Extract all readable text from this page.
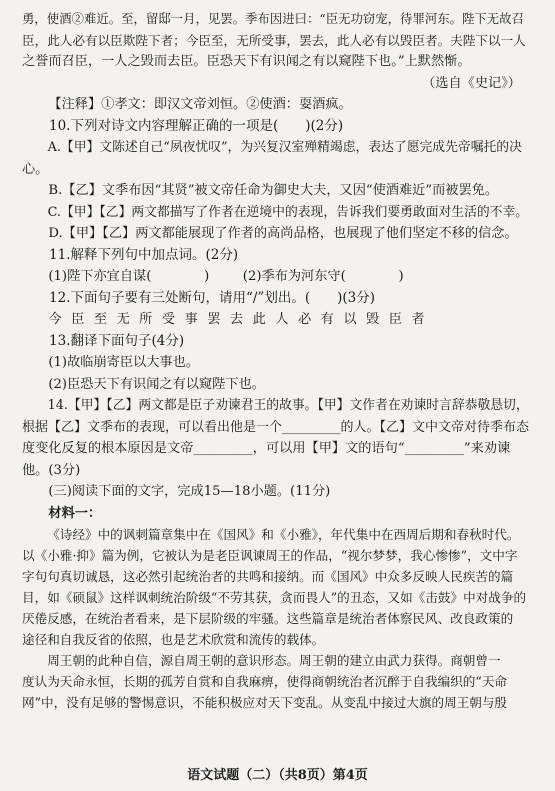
勇，使酒②难近。至，留邸一月，见罢。季布因进曰：“臣无功窃宠，待罪河东。陛下无故召

臣，此人必有以臣欺陛下者；今臣至，无所受事，罢去，此人必有以毁臣者。夫陛下以一人

之誉而召臣，一人之毁而去臣。臣恐天下有识闻之有以窥陛下也。”上默然惭。

（选自《史记》）

【注释】①孝文：即汉文帝刘恒。②使酒：耍酒疯。

10.下列对诗文内容理解正确的一项是(　　)(2分)

A.【甲】文陈述自己“夙夜忧叹”，为兴复汉室殚精竭虑，表达了愿完成先帝嘱托的决

心。

B.【乙】文季布因“其贤”被文帝任命为御史大夫，又因“使酒难近”而被罢免。

C.【甲】【乙】两文都描写了作者在逆境中的表现，告诉我们要勇敢面对生活的不幸。

D.【甲】【乙】两文都能展现了作者的高尚品格，也展现了他们坚定不移的信念。

11.解释下列句中加点词。(2分)

(1)陛下亦宜自谋(　　　　)	(2)季布为河东守(　　　　)

12.下面句子要有三处断句，请用“/”划出。(　　)(3分)

今臣至无所受事罢去此人必有以毁臣者

13.翻译下面句子(4分)

(1)故临崩寄臣以大事也。

(2)臣恐天下有识闻之有以窥陛下也。

14.【甲】【乙】两文都是臣子劝谏君王的故事。【甲】文作者在劝谏时言辞恭敬恳切，

根据【乙】文季布的表现，可以看出他是一个_________的人。【乙】文中文帝对待季布态

度变化反复的根本原因是文帝_________，可以用【甲】文的语句“_________”来劝谏

他。(3分)

(三)阅读下面的文字，完成15—18小题。(11分)

材料一：

《诗经》中的讽刺篇章集中在《国风》和《小雅》，年代集中在西周后期和春秋时代。

以《小雅·抑》篇为例，它被认为是老臣讽谏周王的作品，“视尔梦梦，我心惨惨”，文中字

字句句真切诚恳，这必然引起统治者的共鸣和接纳。而《国风》中众多反映人民疾苦的篇

目，如《硕鼠》这样讽刺统治阶级“不劳其获，贪而畏人”的丑态，又如《击鼓》中对战争的

厌倦反感，在统治者看来，是下层阶级的牢骚。这些篇章是统治者体察民风、改良政策的

途径和自我反省的依照，也是艺术欣赏和流传的载体。

周王朝的此种自信，源自周王朝的意识形态。周王朝的建立由武力获得。商朝曾一

度认为天命永恒，长期的孤芳自赏和自我麻痹，使得商朝统治者沉醉于自我编织的“天命

网”中，没有足够的警惕意识，不能积极应对天下变乱。从变乱中接过大旗的周王朝与殷

语文试题（二）（共8页）第4页
